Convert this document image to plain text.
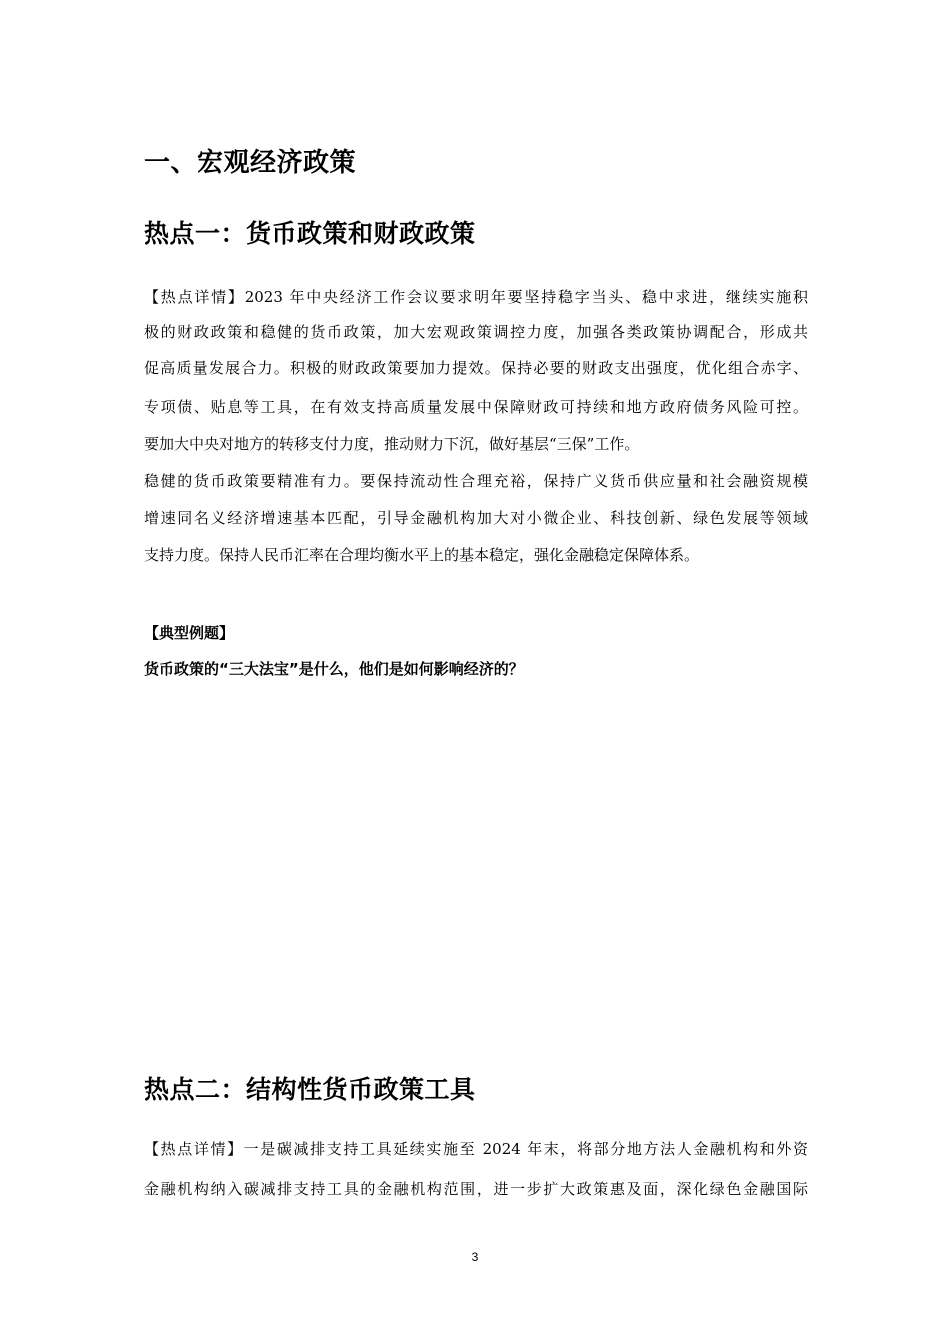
一、宏观经济政策
热点一：货币政策和财政政策
【热点详情】2023 年中央经济工作会议要求明年要坚持稳字当头、稳中求进，继续实施积
极的财政政策和稳健的货币政策，加大宏观政策调控力度，加强各类政策协调配合，形成共
促高质量发展合力。积极的财政政策要加力提效。保持必要的财政支出强度，优化组合赤字、
专项债、贴息等工具，在有效支持高质量发展中保障财政可持续和地方政府债务风险可控。
要加大中央对地方的转移支付力度，推动财力下沉，做好基层“三保”工作。
稳健的货币政策要精准有力。要保持流动性合理充裕，保持广义货币供应量和社会融资规模
增速同名义经济增速基本匹配，引导金融机构加大对小微企业、科技创新、绿色发展等领域
支持力度。保持人民币汇率在合理均衡水平上的基本稳定，强化金融稳定保障体系。
【典型例题】
货币政策的“三大法宝”是什么，他们是如何影响经济的？
热点二：结构性货币政策工具
【热点详情】一是碳减排支持工具延续实施至 2024 年末，将部分地方法人金融机构和外资
金融机构纳入碳减排支持工具的金融机构范围，进一步扩大政策惠及面，深化绿色金融国际
3
